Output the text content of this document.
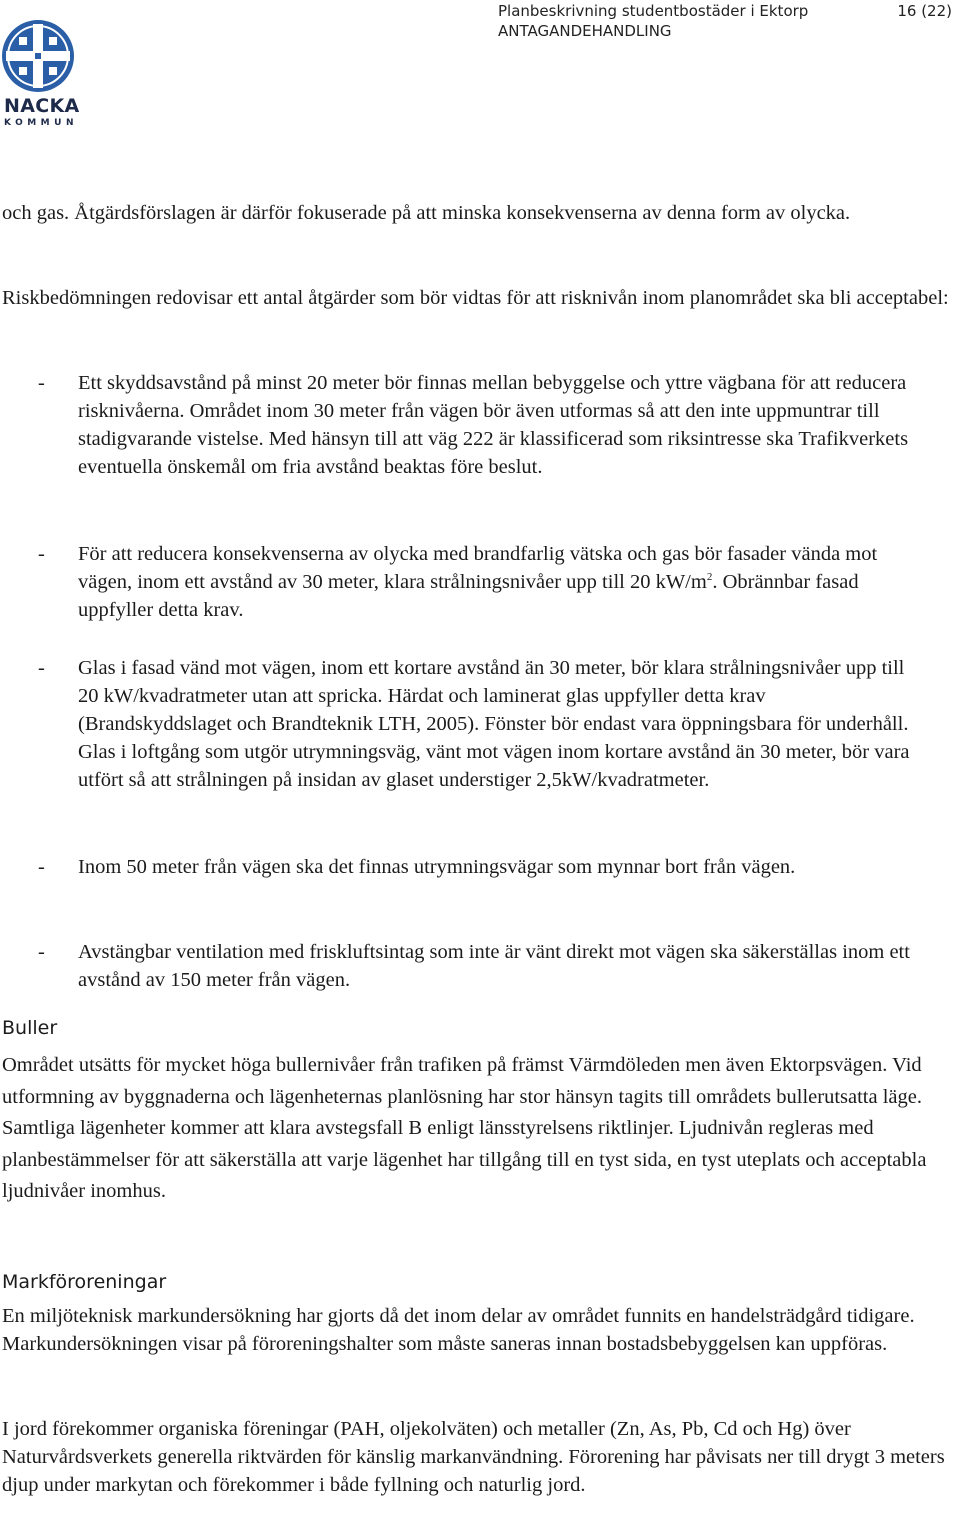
Planbeskrivning studentbostäder i Ektorp	16 (22)
ANTAGANDEHANDLING
NACKA
KOMMUN

och gas. Åtgärdsförslagen är därför fokuserade på att minska konsekvenserna av denna form av olycka.

Riskbedömningen redovisar ett antal åtgärder som bör vidtas för att risknivån inom planområdet ska bli acceptabel:

- Ett skyddsavstånd på minst 20 meter bör finnas mellan bebyggelse och yttre vägbana för att reducera risknivåerna. Området inom 30 meter från vägen bör även utformas så att den inte uppmuntrar till stadigvarande vistelse. Med hänsyn till att väg 222 är klassificerad som riksintresse ska Trafikverkets eventuella önskemål om fria avstånd beaktas före beslut.
- För att reducera konsekvenserna av olycka med brandfarlig vätska och gas bör fasader vända mot vägen, inom ett avstånd av 30 meter, klara strålningsnivåer upp till 20 $kW/m^2$. Obrännbar fasad uppfyller detta krav.
- Glas i fasad vänd mot vägen, inom ett kortare avstånd än 30 meter, bör klara strålningsnivåer upp till 20 kW/kvadratmeter utan att spricka. Härdat och laminerat glas uppfyller detta krav (Brandskyddslaget och Brandteknik LTH, 2005). Fönster bör endast vara öppningsbara för underhåll. Glas i loftgång som utgör utrymningsväg, vänt mot vägen inom kortare avstånd än 30 meter, bör vara utfört så att strålningen på insidan av glaset understiger 2,5kW/kvadratmeter.
- Inom 50 meter från vägen ska det finnas utrymningsvägar som mynnar bort från vägen.
- Avstängbar ventilation med friskluftsintag som inte är vänt direkt mot vägen ska säkerställas inom ett avstånd av 150 meter från vägen.
Buller

Området utsätts för mycket höga bullernivåer från trafiken på främst Värmdöleden men även Ektorpsvägen. Vid utformning av byggnaderna och lägenheternas planlösning har stor hänsyn tagits till områdets bullerutsatta läge. Samtliga lägenheter kommer att klara avstegsfall B enligt länsstyrelsens riktlinjer. Ljudnivån regleras med planbestämmelser för att säkerställa att varje lägenhet har tillgång till en tyst sida, en tyst uteplats och acceptabla ljudnivåer inomhus.

Markföroreningar

En miljöteknisk markundersökning har gjorts då det inom delar av området funnits en handelsträdgård tidigare. Markundersökningen visar på föroreningshalter som måste saneras innan bostadsbebyggelsen kan uppföras.

I jord förekommer organiska föreningar (PAH, oljekolväten) och metaller (Zn, As, Pb, Cd och Hg) över Naturvårdsverkets generella riktvärden för känslig markanvändning. Förorening har påvisats ner till drygt 3 meters djup under markytan och förekommer i både fyllning och naturlig jord.
